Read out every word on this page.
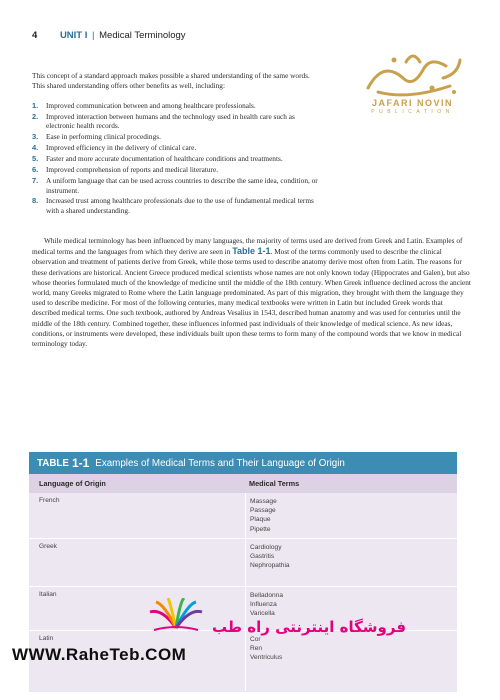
4 UNIT I | Medical Terminology
JAFARI NOVIN
PUBLICATION

This concept of a standard approach makes possible a shared understanding of the same words. This shared understanding offers other benefits as well, including:

1.	Improved communication between and among healthcare professionals.
2.	Improved interaction between humans and the technology used in health care such as electronic health records.
3.	Ease in performing clinical procedings.
4.	Improved efficiency in the delivery of clinical care.
5.	Faster and more accurate documentation of healthcare conditions and treatments.
6.	Improved comprehension of reports and medical literature.
7.	A uniform language that can be used across countries to describe the same idea, condition, or instrument.
8.	Increased trust among healthcare professionals due to the use of fundamental medical terms with a shared understanding.

While medical terminology has been influenced by many languages, the majority of terms used are derived from Greek and Latin. Examples of medical terms and the languages from which they derive are seen in Table 1-1. Most of the terms commonly used to describe the clinical observation and treatment of patients derive from Greek, while those terms used to describe anatomy derive most often from Latin. The reasons for these derivations are historical. Ancient Greece produced medical scientists whose names are not only known today (Hippocrates and Galen), but also whose theories formulated much of the knowledge of medicine until the middle of the 18th century. When Greek influence declined across the ancient world, many Greeks migrated to Rome where the Latin language predominated. As part of this migration, they brought with them the language they used to describe medicine. For most of the following centuries, many medical textbooks were written in Latin but included Greek words that described medical terms. One such textbook, authored by Andreas Vesalius in 1543, described human anatomy and was used for centuries until the middle of the 18th century. Combined together, these influences informed past individuals of their knowledge of medical science. As new ideas, conditions, or instruments were developed, these individuals built upon these terms to form many of the compound words that we know in medical terminology today.

TABLE 1-1 Examples of Medical Terms and Their Language of Origin
Language of Origin	Medical Terms
French	Massage
Passage
Plaque
Pipette
Greek	Cardiology
Gastritis
Nephropathia
Italian	Belladonna
Influenza
Varicella
Latin	Cor
Ren
Ventriculus
فروشگاه اینترنتی راه طب
WWW.RaheTeb.COM
